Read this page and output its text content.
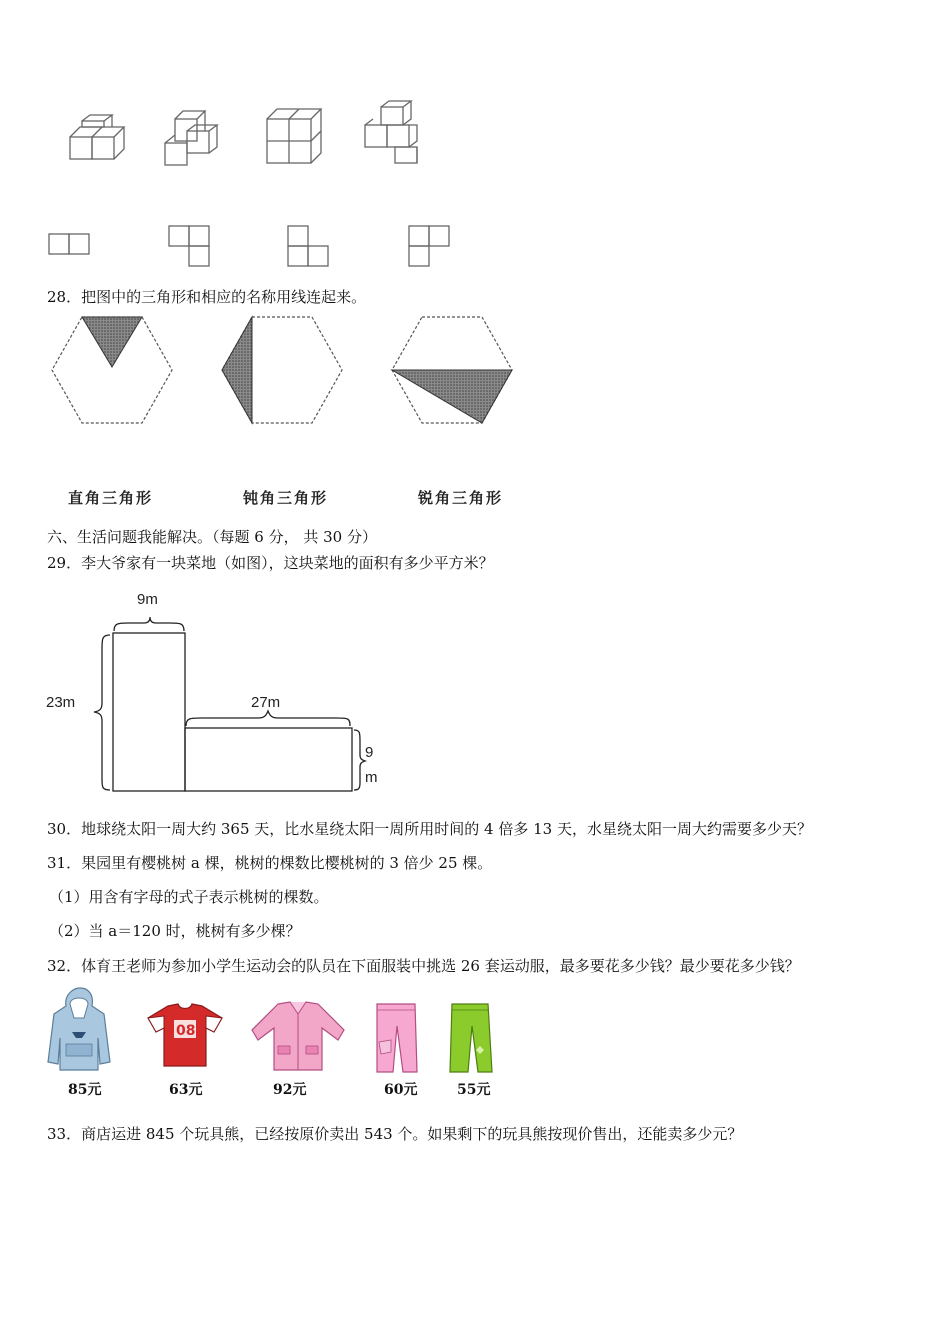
28．把图中的三角形和相应的名称用线连起来。
直角三角形	钝角三角形	锐角三角形
六、生活问题我能解决。（每题 6 分， 共 30 分）
29．李大爷家有一块菜地（如图），这块菜地的面积有多少平方米？
9m
23m	27m
9
m
30．地球绕太阳一周大约 365 天，比水星绕太阳一周所用时间的 4 倍多 13 天，水星绕太阳一周大约需要多少天？
31．果园里有樱桃树 a 棵，桃树的棵数比樱桃树的 3 倍少 25 棵。
（1）用含有字母的式子表示桃树的棵数。
（2）当 a＝120 时，桃树有多少棵？
32．体育王老师为参加小学生运动会的队员在下面服装中挑选 26 套运动服，最多要花多少钱？最少要花多少钱？
08
85元	63元	92元	60元	55元
33．商店运进 845 个玩具熊，已经按原价卖出 543 个。如果剩下的玩具熊按现价售出，还能卖多少元？
